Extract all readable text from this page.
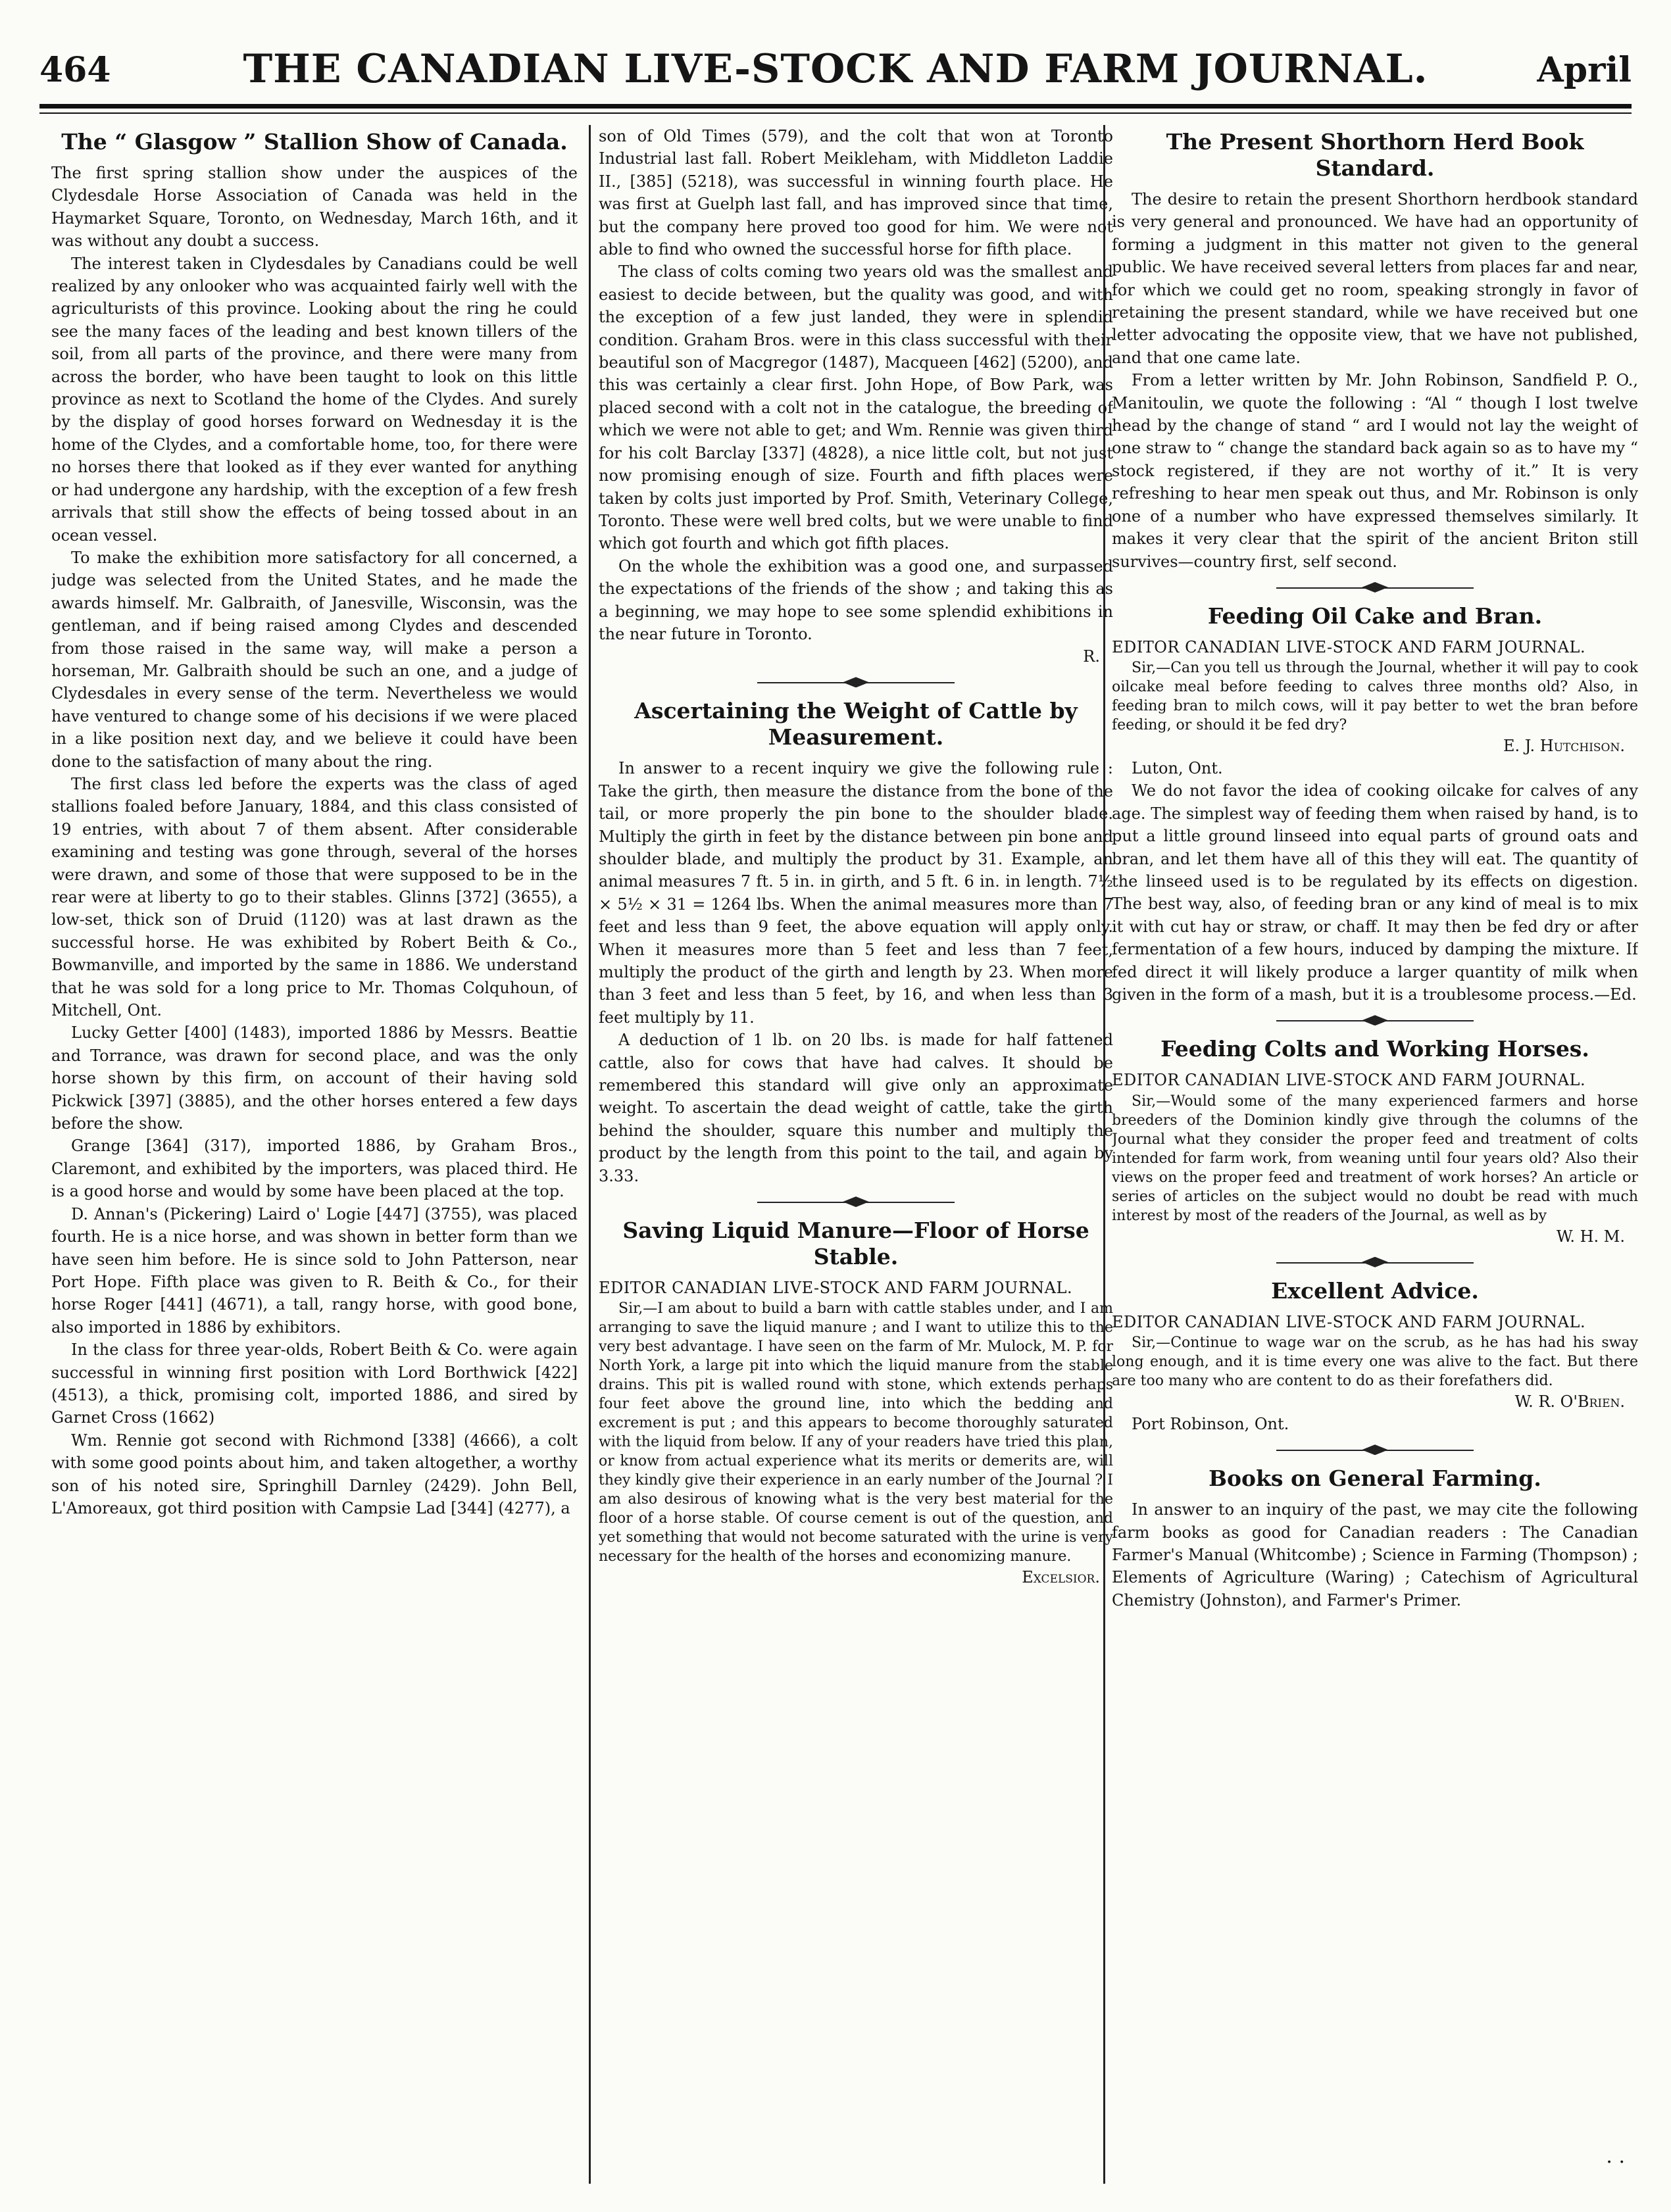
464	THE CANADIAN LIVE-STOCK AND FARM JOURNAL.	April
The “ Glasgow ” Stallion Show of Canada.

The first spring stallion show under the auspices of the Clydesdale Horse Association of Canada was held in the Haymarket Square, Toronto, on Wednesday, March 16th, and it was without any doubt a success.

The interest taken in Clydesdales by Canadians could be well realized by any onlooker who was acquainted fairly well with the agriculturists of this province. Looking about the ring he could see the many faces of the leading and best known tillers of the soil, from all parts of the province, and there were many from across the border, who have been taught to look on this little province as next to Scotland the home of the Clydes. And surely by the display of good horses forward on Wednesday it is the home of the Clydes, and a comfortable home, too, for there were no horses there that looked as if they ever wanted for anything or had undergone any hardship, with the exception of a few fresh arrivals that still show the effects of being tossed about in an ocean vessel.

To make the exhibition more satisfactory for all concerned, a judge was selected from the United States, and he made the awards himself. Mr. Galbraith, of Janesville, Wisconsin, was the gentleman, and if being raised among Clydes and descended from those raised in the same way, will make a person a horseman, Mr. Galbraith should be such an one, and a judge of Clydesdales in every sense of the term. Nevertheless we would have ventured to change some of his decisions if we were placed in a like position next day, and we believe it could have been done to the satisfaction of many about the ring.

The first class led before the experts was the class of aged stallions foaled before January, 1884, and this class consisted of 19 entries, with about 7 of them absent. After considerable examining and testing was gone through, several of the horses were drawn, and some of those that were supposed to be in the rear were at liberty to go to their stables. Glinns [372] (3655), a low-set, thick son of Druid (1120) was at last drawn as the successful horse. He was exhibited by Robert Beith & Co., Bowmanville, and imported by the same in 1886. We understand that he was sold for a long price to Mr. Thomas Colquhoun, of Mitchell, Ont.

Lucky Getter [400] (1483), imported 1886 by Messrs. Beattie and Torrance, was drawn for second place, and was the only horse shown by this firm, on account of their having sold Pickwick [397] (3885), and the other horses entered a few days before the show.

Grange [364] (317), imported 1886, by Graham Bros., Claremont, and exhibited by the importers, was placed third. He is a good horse and would by some have been placed at the top.

D. Annan's (Pickering) Laird o' Logie [447] (3755), was placed fourth. He is a nice horse, and was shown in better form than we have seen him before. He is since sold to John Patterson, near Port Hope. Fifth place was given to R. Beith & Co., for their horse Roger [441] (4671), a tall, rangy horse, with good bone, also imported in 1886 by exhibitors.

In the class for three year-olds, Robert Beith & Co. were again successful in winning first position with Lord Borthwick [422] (4513), a thick, promising colt, imported 1886, and sired by Garnet Cross (1662)

Wm. Rennie got second with Richmond [338] (4666), a colt with some good points about him, and taken altogether, a worthy son of his noted sire, Springhill Darnley (2429). John Bell, L'Amoreaux, got third position with Campsie Lad [344] (4277), a

son of Old Times (579), and the colt that won at Toronto Industrial last fall. Robert Meikleham, with Middleton Laddie II., [385] (5218), was successful in winning fourth place. He was first at Guelph last fall, and has improved since that time, but the company here proved too good for him. We were not able to find who owned the successful horse for fifth place.

The class of colts coming two years old was the smallest and easiest to decide between, but the quality was good, and with the exception of a few just landed, they were in splendid condition. Graham Bros. were in this class successful with their beautiful son of Macgregor (1487), Macqueen [462] (5200), and this was certainly a clear first. John Hope, of Bow Park, was placed second with a colt not in the catalogue, the breeding of which we were not able to get; and Wm. Rennie was given third for his colt Barclay [337] (4828), a nice little colt, but not just now promising enough of size. Fourth and fifth places were taken by colts just imported by Prof. Smith, Veterinary College, Toronto. These were well bred colts, but we were unable to find which got fourth and which got fifth places.

On the whole the exhibition was a good one, and surpassed the expectations of the friends of the show ; and taking this as a beginning, we may hope to see some splendid exhibitions in the near future in Toronto.

R.
Ascertaining the Weight of Cattle by Measurement.

In answer to a recent inquiry we give the following rule : Take the girth, then measure the distance from the bone of the tail, or more properly the pin bone to the shoulder blade. Multiply the girth in feet by the distance between pin bone and shoulder blade, and multiply the product by 31. Example, an animal measures 7 ft. 5 in. in girth, and 5 ft. 6 in. in length. 7½ × 5½ × 31 = 1264 lbs. When the animal measures more than 7 feet and less than 9 feet, the above equation will apply only. When it measures more than 5 feet and less than 7 feet, multiply the product of the girth and length by 23. When more than 3 feet and less than 5 feet, by 16, and when less than 3 feet multiply by 11.

A deduction of 1 lb. on 20 lbs. is made for half fattened cattle, also for cows that have had calves. It should be remembered this standard will give only an approximate weight. To ascertain the dead weight of cattle, take the girth behind the shoulder, square this number and multiply the product by the length from this point to the tail, and again by 3.33.

Saving Liquid Manure—Floor of Horse Stable.

EDITOR CANADIAN LIVE-STOCK AND FARM JOURNAL.

Sir,—I am about to build a barn with cattle stables under, and I am arranging to save the liquid manure ; and I want to utilize this to the very best advantage. I have seen on the farm of Mr. Mulock, M. P. for North York, a large pit into which the liquid manure from the stable drains. This pit is walled round with stone, which extends perhaps four feet above the ground line, into which the bedding and excrement is put ; and this appears to become thoroughly saturated with the liquid from below. If any of your readers have tried this plan, or know from actual experience what its merits or demerits are, will they kindly give their experience in an early number of the Journal ? I am also desirous of knowing what is the very best material for the floor of a horse stable. Of course cement is out of the question, and yet something that would not become saturated with the urine is very necessary for the health of the horses and economizing manure.

Excelsior.
The Present Shorthorn Herd Book Standard.

The desire to retain the present Shorthorn herdbook standard is very general and pronounced. We have had an opportunity of forming a judgment in this matter not given to the general public. We have received several letters from places far and near, for which we could get no room, speaking strongly in favor of retaining the present standard, while we have received but one letter advocating the opposite view, that we have not published, and that one came late.

From a letter written by Mr. John Robinson, Sandfield P. O., Manitoulin, we quote the following : “Al “ though I lost twelve head by the change of stand “ ard I would not lay the weight of one straw to “ change the standard back again so as to have my “ stock registered, if they are not worthy of it.” It is very refreshing to hear men speak out thus, and Mr. Robinson is only one of a number who have expressed themselves similarly. It makes it very clear that the spirit of the ancient Briton still survives—country first, self second.

Feeding Oil Cake and Bran.

EDITOR CANADIAN LIVE-STOCK AND FARM JOURNAL.

Sir,—Can you tell us through the Journal, whether it will pay to cook oilcake meal before feeding to calves three months old? Also, in feeding bran to milch cows, will it pay better to wet the bran before feeding, or should it be fed dry?

E. J. Hutchison.
Luton, Ont.

We do not favor the idea of cooking oilcake for calves of any age. The simplest way of feeding them when raised by hand, is to put a little ground linseed into equal parts of ground oats and bran, and let them have all of this they will eat. The quantity of the linseed used is to be regulated by its effects on digestion. The best way, also, of feeding bran or any kind of meal is to mix it with cut hay or straw, or chaff. It may then be fed dry or after fermentation of a few hours, induced by damping the mixture. If fed direct it will likely produce a larger quantity of milk when given in the form of a mash, but it is a troublesome process.—Ed.

Feeding Colts and Working Horses.

EDITOR CANADIAN LIVE-STOCK AND FARM JOURNAL.

Sir,—Would some of the many experienced farmers and horse breeders of the Dominion kindly give through the columns of the Journal what they consider the proper feed and treatment of colts intended for farm work, from weaning until four years old? Also their views on the proper feed and treatment of work horses? An article or series of articles on the subject would no doubt be read with much interest by most of the readers of the Journal, as well as by

W. H. M.
Excellent Advice.

EDITOR CANADIAN LIVE-STOCK AND FARM JOURNAL.

Sir,—Continue to wage war on the scrub, as he has had his sway long enough, and it is time every one was alive to the fact. But there are too many who are content to do as their forefathers did.

W. R. O'Brien.
Port Robinson, Ont.
Books on General Farming.

In answer to an inquiry of the past, we may cite the following farm books as good for Canadian readers : The Canadian Farmer's Manual (Whitcombe) ; Science in Farming (Thompson) ; Elements of Agriculture (Waring) ; Catechism of Agricultural Chemistry (Johnston), and Farmer's Primer.

· ·
